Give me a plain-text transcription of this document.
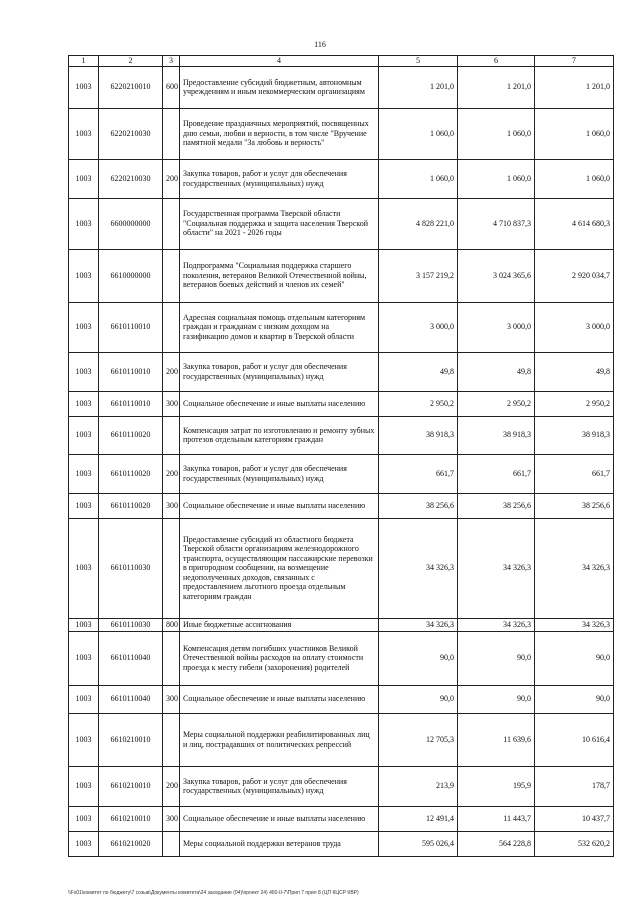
116
1	2	3	4	5	6	7
1003	6220210010	600	Предоставление субсидий бюджетным, автономным учреждениям и иным некоммерческим организациям	1 201,0	1 201,0	1 201,0
1003	6220210030		Проведение праздничных мероприятий, посвященных дню семьи, любви и верности, в том числе "Вручение памятной медали "За любовь и верность"	1 060,0	1 060,0	1 060,0
1003	6220210030	200	Закупка товаров, работ и услуг для обеспечения государственных (муниципальных) нужд	1 060,0	1 060,0	1 060,0
1003	6600000000		Государственная программа Тверской области "Социальная поддержка и защита населения Тверской области" на 2021 - 2026 годы	4 828 221,0	4 710 837,3	4 614 680,3
1003	6610000000		Подпрограмма "Социальная поддержка старшего поколения, ветеранов Великой Отечественной войны, ветеранов боевых действий и членов их семей"	3 157 219,2	3 024 365,6	2 920 034,7
1003	6610110010		Адресная социальная помощь отдельным категориям граждан и гражданам с низким доходом на газификацию домов и квартир в Тверской области	3 000,0	3 000,0	3 000,0
1003	6610110010	200	Закупка товаров, работ и услуг для обеспечения государственных (муниципальных) нужд	49,8	49,8	49,8
1003	6610110010	300	Социальное обеспечение и иные выплаты населению	2 950,2	2 950,2	2 950,2
1003	6610110020		Компенсация затрат по изготовлению и ремонту зубных протезов отдельным категориям граждан	38 918,3	38 918,3	38 918,3
1003	6610110020	200	Закупка товаров, работ и услуг для обеспечения государственных (муниципальных) нужд	661,7	661,7	661,7
1003	6610110020	300	Социальное обеспечение и иные выплаты населению	38 256,6	38 256,6	38 256,6
1003	6610110030		Предоставление субсидий из областного бюджета Тверской области организациям железнодорожного транспорта, осуществляющим пассажирские перевозки в пригородном сообщении, на возмещение недополученных доходов, связанных с предоставлением льготного проезда отдельным категориям граждан	34 326,3	34 326,3	34 326,3
1003	6610110030	800	Иные бюджетные ассигнования	34 326,3	34 326,3	34 326,3
1003	6610110040		Компенсация детям погибших участников Великой Отечественной войны расходов на оплату стоимости проезда к месту гибели (захоронения) родителей	90,0	90,0	90,0
1003	6610110040	300	Социальное обеспечение и иные выплаты населению	90,0	90,0	90,0
1003	6610210010		Меры социальной поддержки реабилитированных лиц и лиц, пострадавших от политических репрессий	12 705,3	11 639,6	10 616,4
1003	6610210010	200	Закупка товаров, работ и услуг для обеспечения государственных (муниципальных) нужд	213,9	195,9	178,7
1003	6610210010	300	Социальное обеспечение и иные выплаты населению	12 491,4	11 443,7	10 437,7
1003	6610210020		Меры социальной поддержки ветеранов труда	595 026,4	564 228,8	532 620,2
\\Fs01\комитет по бюджету\7 созыв\Документы комитета\24 заседание (04)\проект 24) 460-II-7\Прил 7 прил 8 (ЦП КЦСР КВР)
